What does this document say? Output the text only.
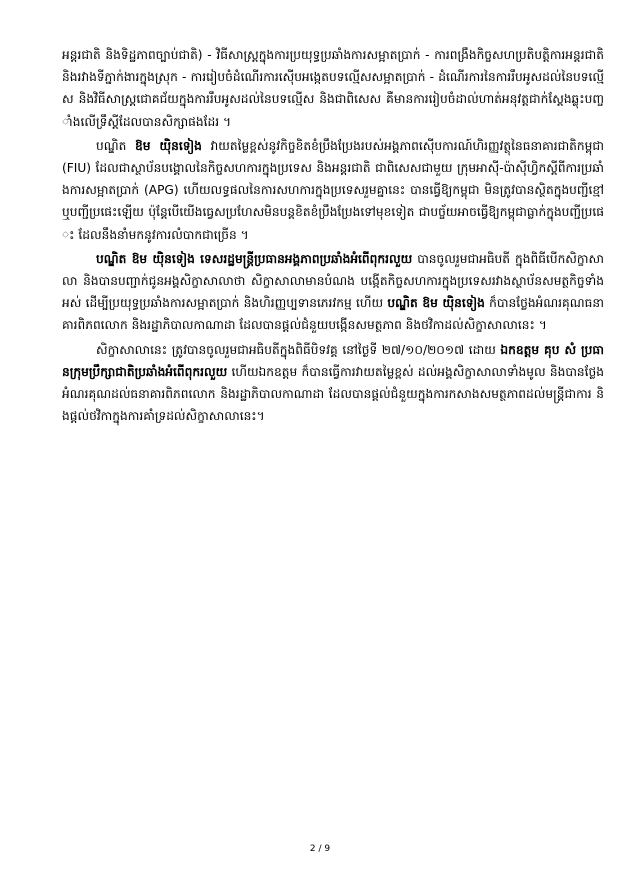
អន្តរជាតិ និងទិដ្ឋភាពច្បាប់ជាតិ) - វិធីសាស្ត្រក្នុងការប្រយុទ្ធប្រឆាំងការសម្អាតប្រាក់ - ការពង្រឹងកិច្ចសហប្រតិបត្តិការអន្តរជាតិ និងរវាងទីភ្នាក់ងារក្នុងស្រុក - ការរៀបចំដំណើរការស៊ើបអង្កេតបទល្មើសសម្អាតប្រាក់ - ដំណើរការនៃការរឹបអូសដល់នៃបទល្មើស និងវិធីសាស្ត្រជោគជ័យក្នុងការរឹបអូសដល់នៃបទល្មើស និងជាពិសេស គឺមានការរៀបចំដាល់ហាត់អនុវត្តជាក់ស្តែងឆ្លុះបញ្ចាំងលើទ្រឹស្តីដែលបានសិក្សាផងដែរ ។

បណ្ឌិត ឱម យ៉ិនទៀង វាយតម្លៃខ្ពស់នូវកិច្ចខិតខំប្រឹងប្រែងរបស់អង្គភាពស៊ើបការណ៍ហិរញ្ញវត្ថុនៃធនាគារជាតិកម្ពុជា (FIU) ដែលជាស្ថាប័នបង្គោលនៃកិច្ចសហការក្នុងប្រទេស និងអន្តរជាតិ ជាពិសេសជាមួយ ក្រុមអាស៊ី-ប៉ាស៊ីហ្វិកស្តីពីការប្រឆាំងការសម្អាតប្រាក់ (APG) ហើយលទ្ធផលនៃការសហការក្នុងប្រទេសរួមគ្នានេះ បានធ្វើឱ្យកម្ពុជា មិនត្រូវបានស្ថិតក្នុងបញ្ជីខ្មៅ ឬបញ្ជីប្រផេះឡើយ ប៉ុន្តែបើយើងធ្វេសប្រហែសមិនបន្តខិតខំប្រឹងប្រែងទៅមុខទៀត ជាបច្ច័យអាចធ្វើឱ្យកម្ពុជាធ្លាក់ក្នុងបញ្ជីប្រផេះ ដែលនឹងនាំមកនូវការលំបាកជាច្រើន ។

បណ្ឌិត ឱម យ៉ិនទៀង ទេសរដ្ឋមន្ត្រីប្រធានអង្គភាពប្រឆាំងអំពើពុករលួយ បានចូលរួមជាអធិបតី ក្នុងពិធីបើកសិក្ខាសាលា និងបានបញ្ជាក់ជូនអង្គសិក្ខាសាលាថា សិក្ខាសាលាមានបំណង បង្កើតកិច្ចសហការក្នុងប្រទេសរវាងស្ថាប័នសមត្ថកិច្ចទាំងអស់ ដើម្បីប្រយុទ្ធប្រឆាំងការសម្អាតប្រាក់ និងហិរញ្ញប្បទានភេរវកម្ម ហើយ បណ្ឌិត ឱម យ៉ិនទៀង ក៏បានថ្លែងអំណរគុណធនាគារពិភពលោក និងរដ្ឋាភិបាលកាណាដា ដែលបានផ្តល់ជំនួយបង្កើនសមត្ថភាព និងថវិកាដល់សិក្ខាសាលានេះ ។

សិក្ខាសាលានេះ ត្រូវបានចូលរួមជាអធិបតីក្នុងពិធីបិទវគ្គ នៅថ្ងៃទី ២៧/១០/២០១៧ ដោយ ឯកឧត្តម គុប សំ ប្រធានក្រុមប្រឹក្សាជាតិប្រឆាំងអំពើពុករលួយ ហើយឯកឧត្តម ក៏បានធ្វើការវាយតម្លៃខ្ពស់ ដល់អង្គសិក្ខាសាលាទាំងមូល និងបានថ្លែងអំណរគុណដល់ធនាគារពិភពលោក និងរដ្ឋាភិបាលកាណាដា ដែលបានផ្តល់ជំនួយក្នុងការកសាងសមត្ថភាពដល់មន្ត្រីជាការ និងផ្តល់ថវិកាក្នុងការគាំទ្រដល់សិក្ខាសាលានេះ។

2 / 9
